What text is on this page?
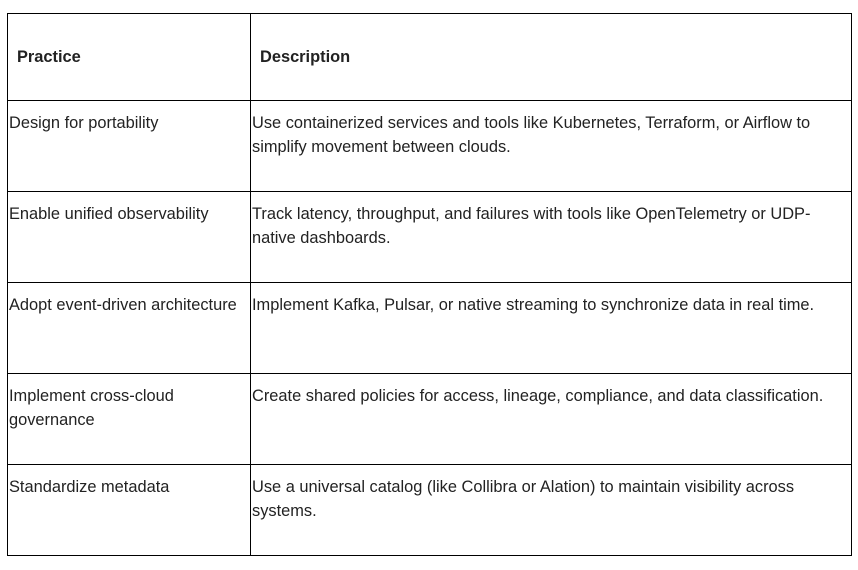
Practice	Description
Design for portability	Use containerized services and tools like Kubernetes, Terraform, or Airflow to simplify movement between clouds.
Enable unified observability	Track latency, throughput, and failures with tools like OpenTelemetry or UDP-native dashboards.
Adopt event-driven architecture	Implement Kafka, Pulsar, or native streaming to synchronize data in real time.
Implement cross-cloud governance	Create shared policies for access, lineage, compliance, and data classification.
Standardize metadata	Use a universal catalog (like Collibra or Alation) to maintain visibility across systems.
